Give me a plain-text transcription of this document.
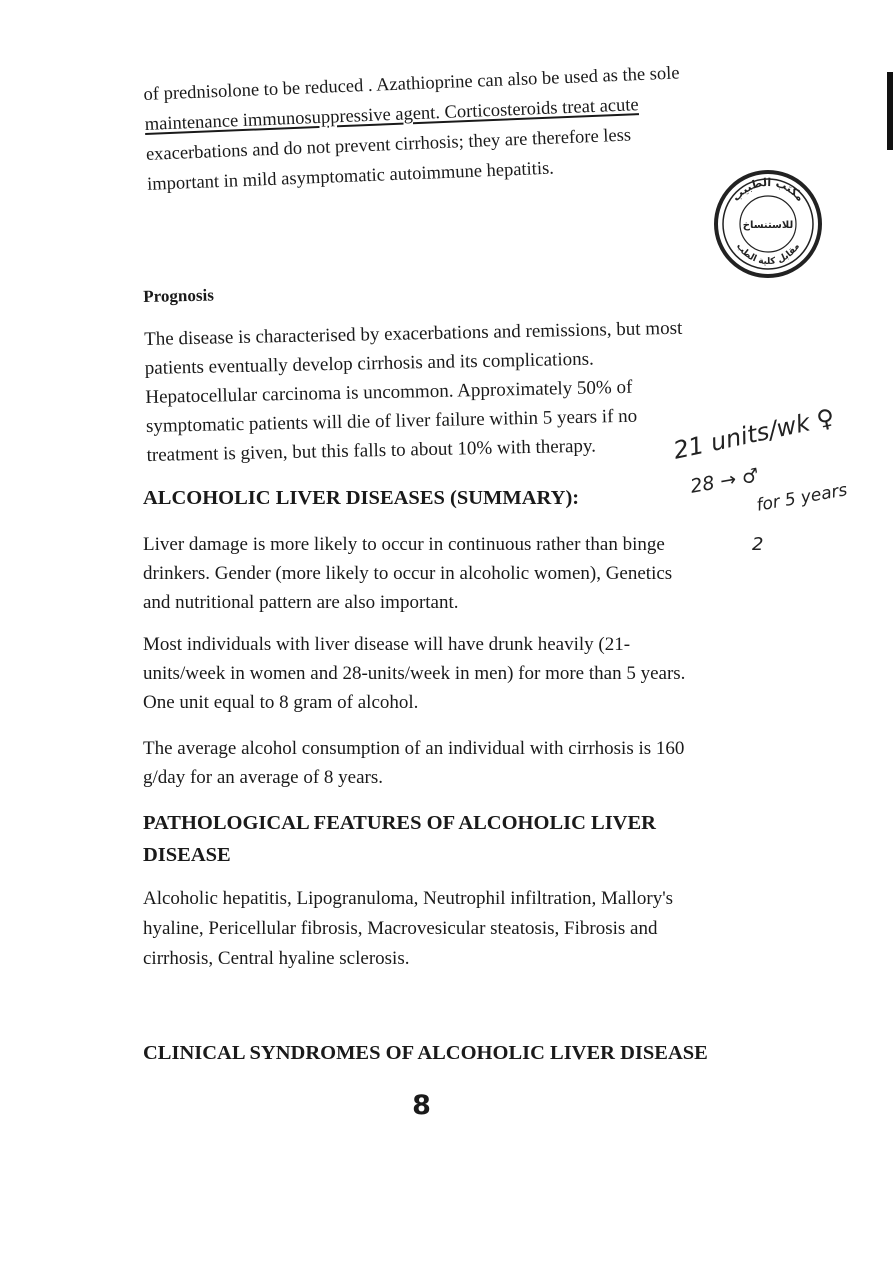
of prednisolone to be reduced . Azathioprine can also be used as the sole
maintenance immunosuppressive agent. Corticosteroids treat acute
exacerbations and do not prevent cirrhosis; they are therefore less
important in mild asymptomatic autoimmune hepatitis.
مكتب الطبيب
للاستنساخ
مقابل كلية الطب
Prognosis
The disease is characterised by exacerbations and remissions, but most
patients eventually develop cirrhosis and its complications.
Hepatocellular carcinoma is uncommon. Approximately 50% of
symptomatic patients will die of liver failure within 5 years if no
treatment is given, but this falls to about 10% with therapy.	21 units/wk ♀
28 → ♂
for 5 years
2
ALCOHOLIC LIVER DISEASES (SUMMARY):
Liver damage is more likely to occur in continuous rather than binge
drinkers. Gender (more likely to occur in alcoholic women), Genetics
and nutritional pattern are also important.
Most individuals with liver disease will have drunk heavily (21-
units/week in women and 28-units/week in men) for more than 5 years.
One unit equal to 8 gram of alcohol.
The average alcohol consumption of an individual with cirrhosis is 160
g/day for an average of 8 years.
PATHOLOGICAL FEATURES OF ALCOHOLIC LIVER
DISEASE
Alcoholic hepatitis, Lipogranuloma, Neutrophil infiltration, Mallory's
hyaline, Pericellular fibrosis, Macrovesicular steatosis, Fibrosis and
cirrhosis, Central hyaline sclerosis.
CLINICAL SYNDROMES OF ALCOHOLIC LIVER DISEASE
8
